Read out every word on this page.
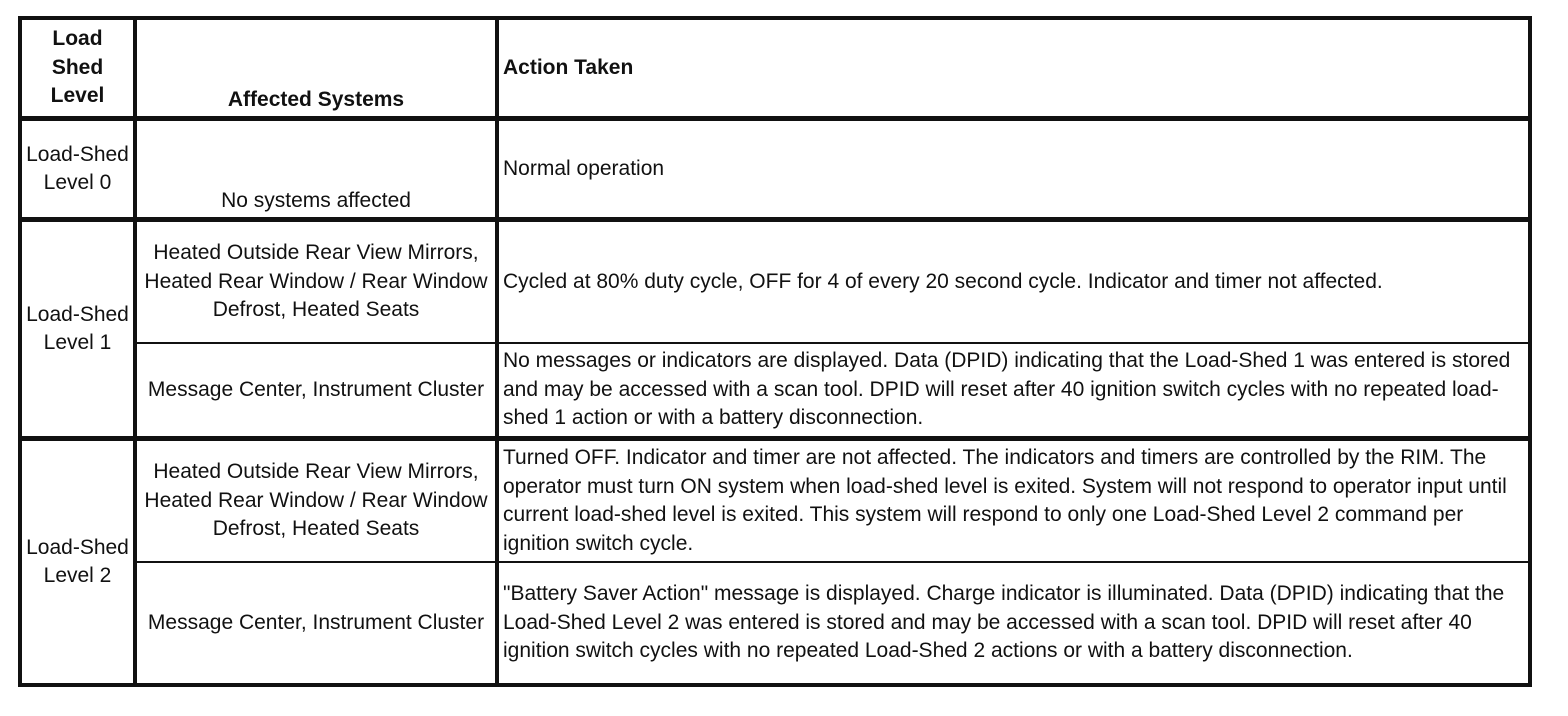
Load Shed Level	Affected Systems	Action Taken
Load-Shed Level 0	No systems affected	Normal operation
Load-Shed Level 1	Heated Outside Rear View Mirrors, Heated Rear Window / Rear Window Defrost, Heated Seats	Cycled at 80% duty cycle, OFF for 4 of every 20 second cycle. Indicator and timer not affected.
	Message Center, Instrument Cluster	No messages or indicators are displayed. Data (DPID) indicating that the Load-Shed 1 was entered is stored and may be accessed with a scan tool. DPID will reset after 40 ignition switch cycles with no repeated load-shed 1 action or with a battery disconnection.
Load-Shed Level 2	Heated Outside Rear View Mirrors, Heated Rear Window / Rear Window Defrost, Heated Seats	Turned OFF. Indicator and timer are not affected. The indicators and timers are controlled by the RIM. The operator must turn ON system when load-shed level is exited. System will not respond to operator input until current load-shed level is exited. This system will respond to only one Load-Shed Level 2 command per ignition switch cycle.
	Message Center, Instrument Cluster	"Battery Saver Action" message is displayed. Charge indicator is illuminated. Data (DPID) indicating that the Load-Shed Level 2 was entered is stored and may be accessed with a scan tool. DPID will reset after 40 ignition switch cycles with no repeated Load-Shed 2 actions or with a battery disconnection.
